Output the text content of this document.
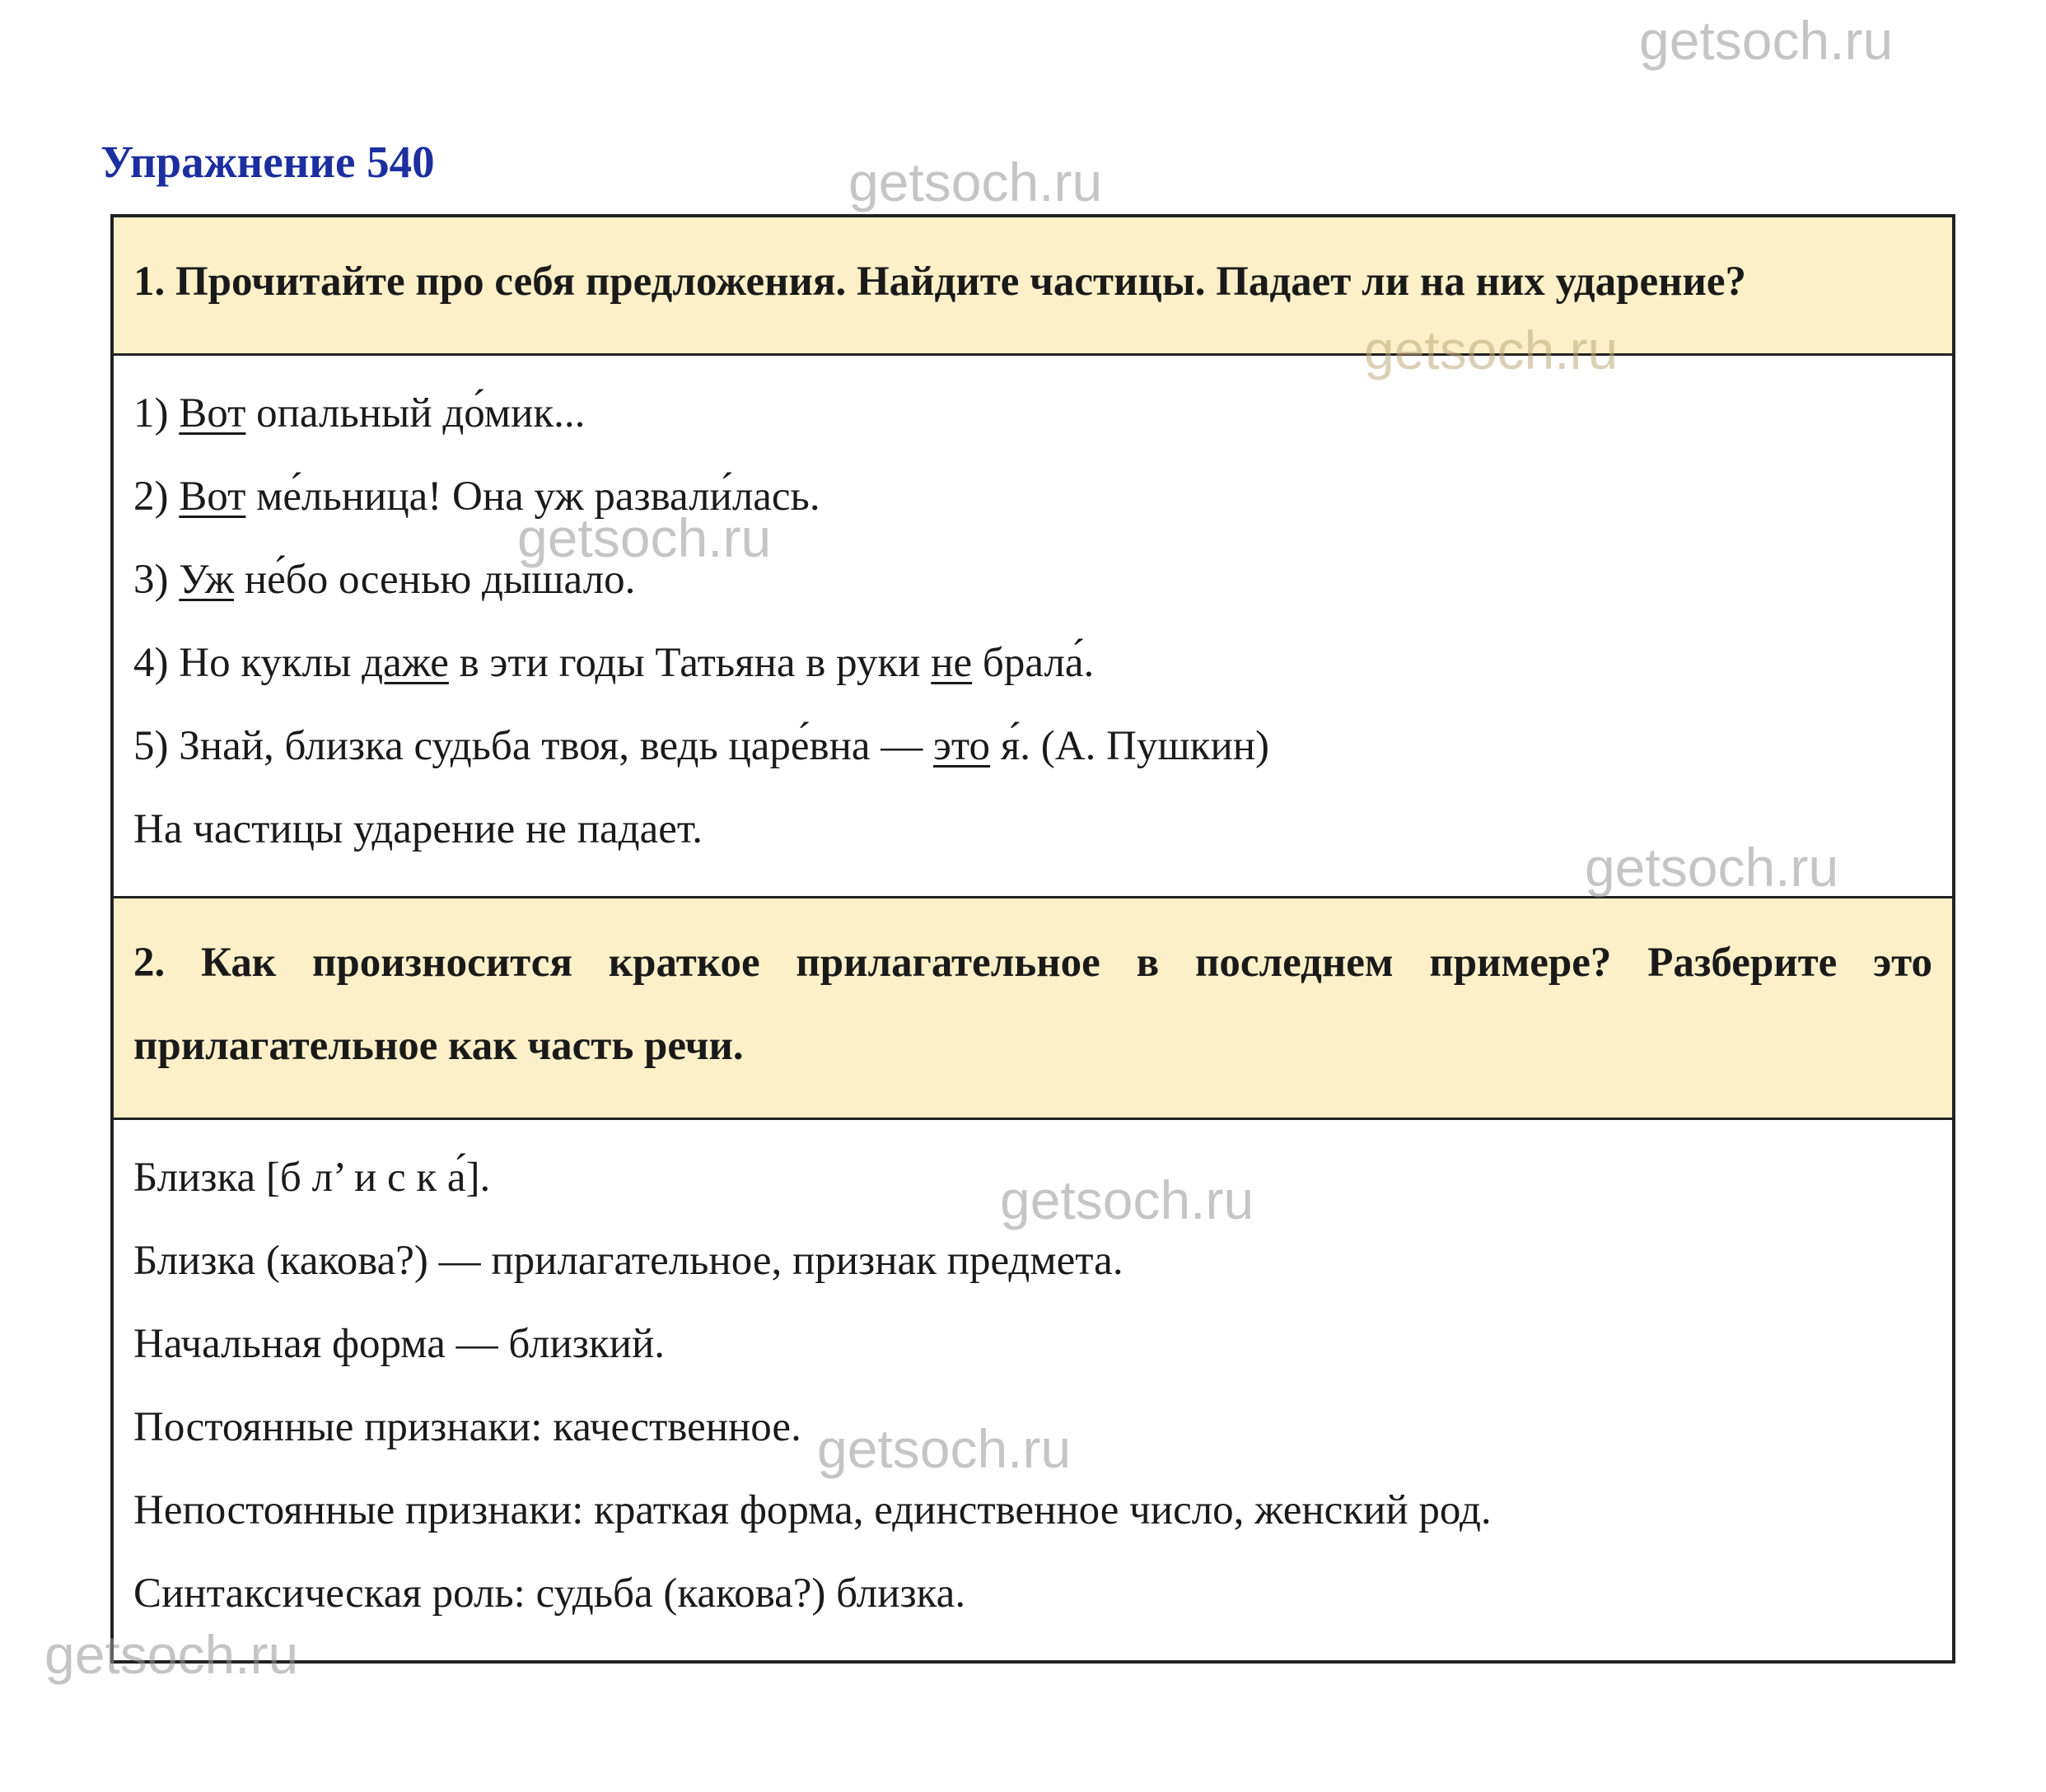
Упражнение 540
1. Прочитайте про себя предложения. Найдите частицы. Падает ли на них ударение?
1) Вот опальный до́мик...
2) Вот ме́льница! Она уж развали́лась.
3) Уж не́бо осенью дышало.
4) Но куклы даже в эти годы Татьяна в руки не брала́.
5) Знай, близка судьба твоя, ведь царе́вна — это я́. (А. Пушкин)
На частицы ударение не падает.
2. Как произносится краткое прилагательное в последнем примере? Разберите это прилагательное как часть речи.
Близка [б л’ и с к а́].
Близка (какова?) — прилагательное, признак предмета.
Начальная форма — близкий.
Постоянные признаки: качественное.
Непостоянные признаки: краткая форма, единственное число, женский род.
Синтаксическая роль: судьба (какова?) близка.
getsoch.ru
getsoch.ru
getsoch.ru
getsoch.ru
getsoch.ru
getsoch.ru
getsoch.ru
getsoch.ru
